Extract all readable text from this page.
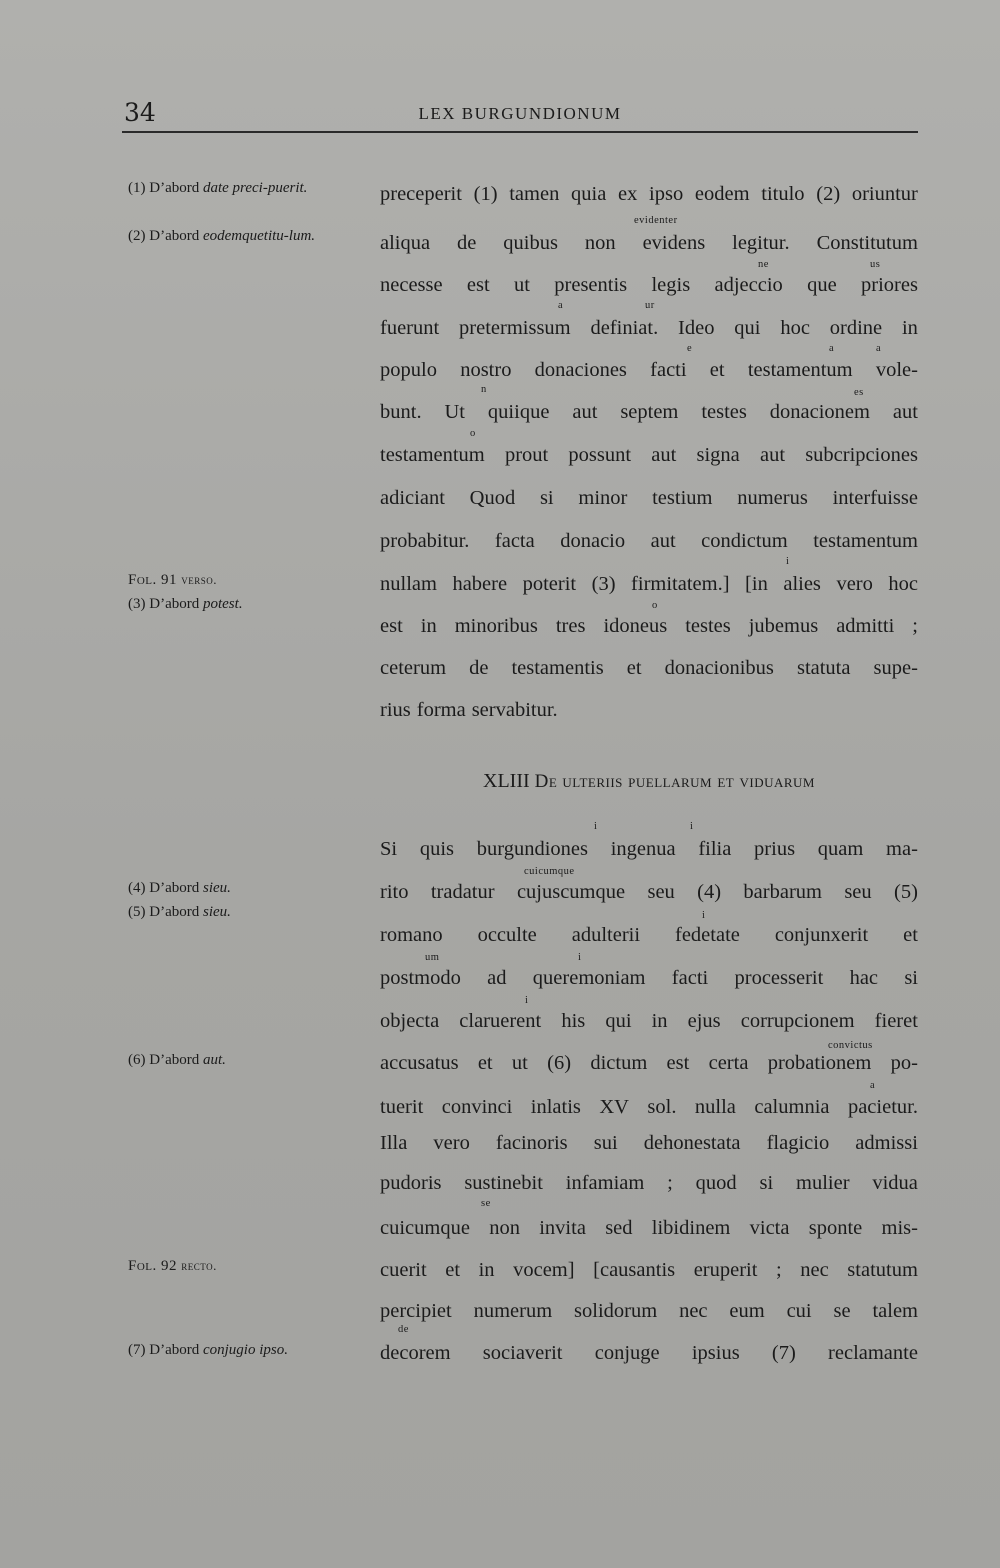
34	LEX BURGUNDIONUM
(1) D’abord date preci-puerit.
(2) D’abord eodemquetitu-lum.
Fol. 91 verso.
(3) D’abord potest.
(4) D’abord sieu.
(5) D’abord sieu.
(6) D’abord aut.
Fol. 92 recto.
(7) D’abord conjugio ipso.
preceperit (1) tamen quia ex ipso eodem titulo (2) oriuntur
aliqua de quibus non evidens legitur. Constitutum
necesse est ut presentis legis adjeccio que priores
fuerunt pretermissum definiat. Ideo qui hoc ordine in
populo nostro donaciones facti et testamentum vole-
bunt. Ut quiique aut septem testes donacionem aut
testamentum prout possunt aut signa aut subcripciones
adiciant Quod si minor testium numerus interfuisse
probabitur. facta donacio aut condictum testamentum
nullam habere poterit (3) firmitatem.] [in alies vero hoc
est in minoribus tres idoneus testes jubemus admitti ;
ceterum de testamentis et donacionibus statuta supe-
rius forma servabitur.
XLIII De ulteriis puellarum et viduarum
Si quis burgundiones ingenua filia prius quam ma-
rito tradatur cujuscumque seu (4) barbarum seu (5)
romano occulte adulterii fedetate conjunxerit et
postmodo ad queremoniam facti processerit hac si
objecta claruerent his qui in ejus corrupcionem fieret
accusatus et ut (6) dictum est certa probationem po-
tuerit convinci inlatis XV sol. nulla calumnia pacietur.
Illa vero facinoris sui dehonestata flagicio admissi
pudoris sustinebit infamiam ; quod si mulier vidua
cuicumque non invita sed libidinem victa sponte mis-
cuerit et in vocem] [causantis eruperit ; nec statutum
percipiet numerum solidorum nec eum cui se talem
decorem sociaverit conjuge ipsius (7) reclamante
evidenter
ne	us
a	ur
e	a	a
n	es
o
i
o
i	i
cuicumque
i
um	i
i
convictus
a
se
de
